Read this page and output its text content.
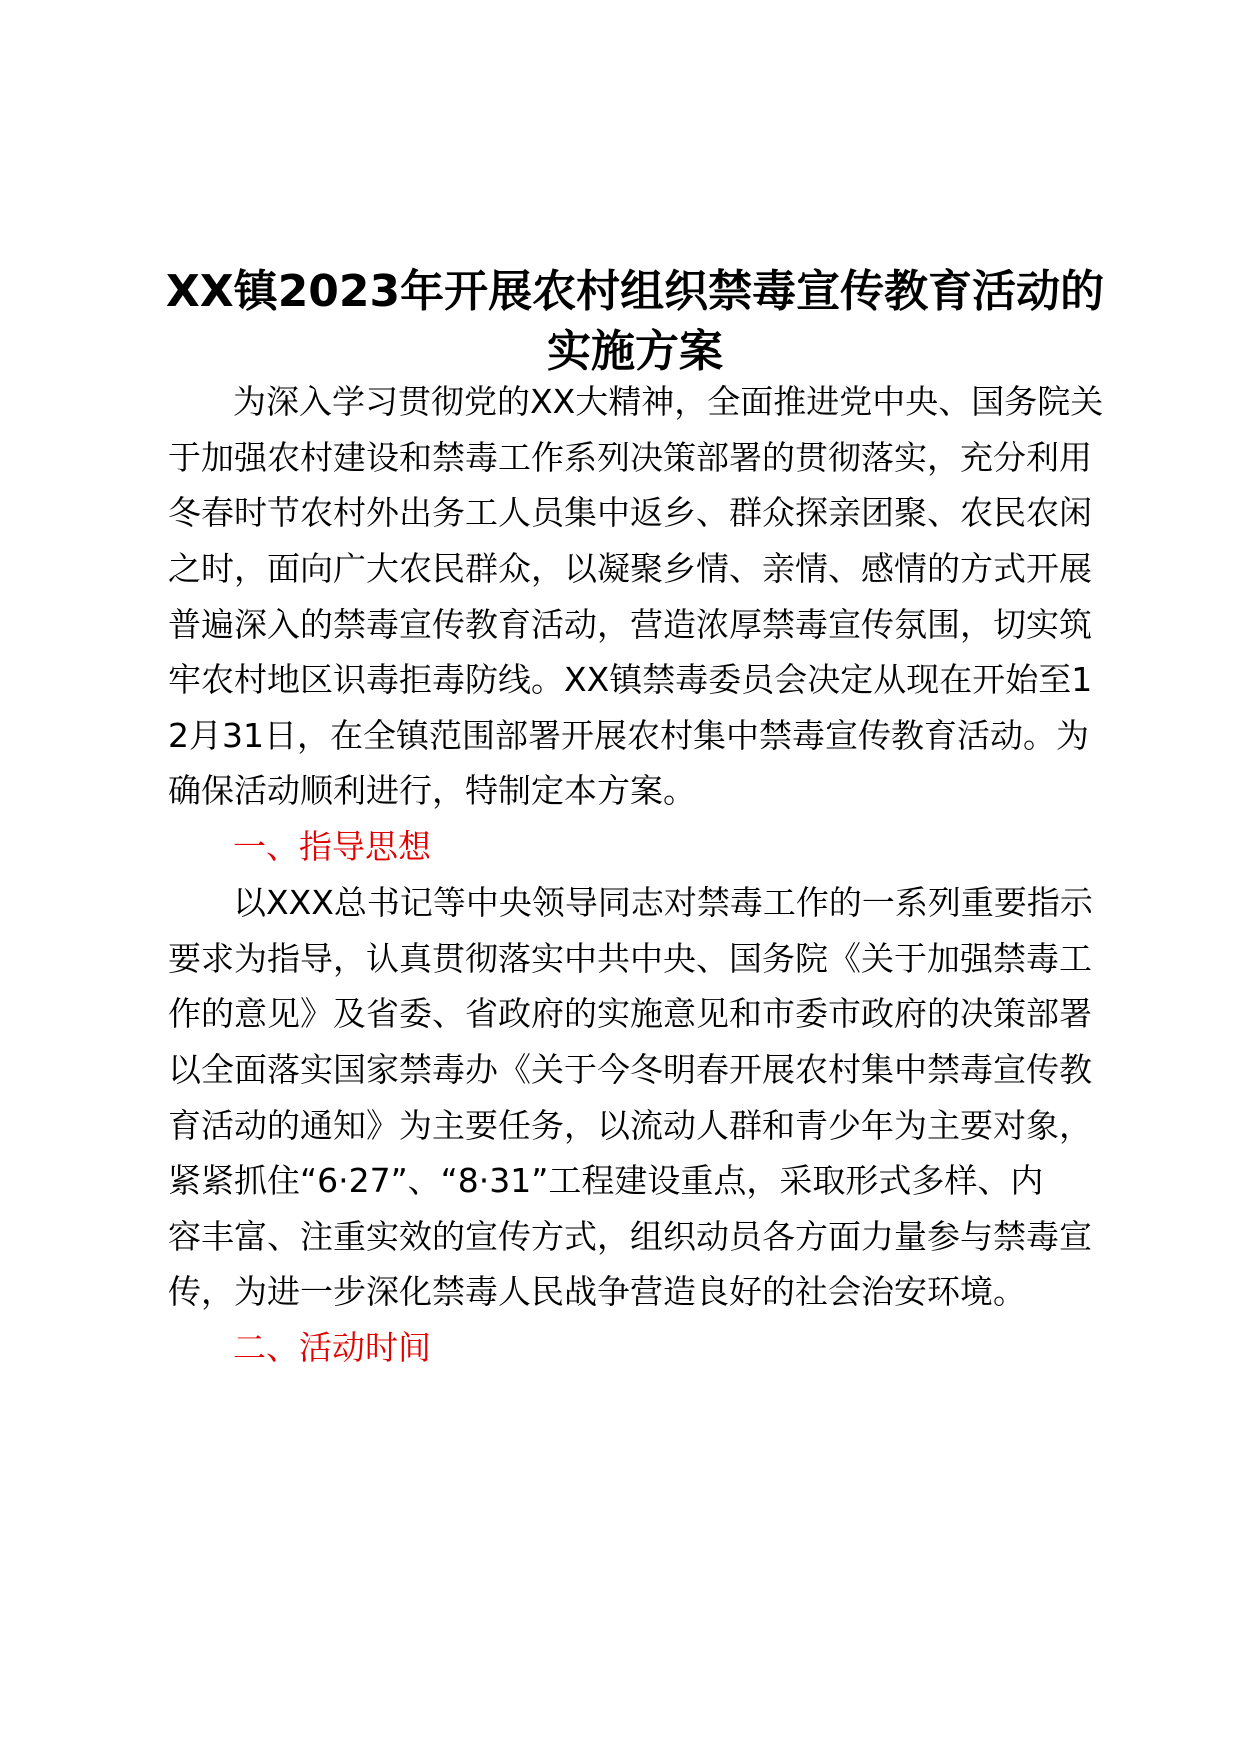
XX镇2023年开展农村组织禁毒宣传教育活动的
实施方案
为深入学习贯彻党的XX大精神，全面推进党中央、国务院关
于加强农村建设和禁毒工作系列决策部署的贯彻落实，充分利用
冬春时节农村外出务工人员集中返乡、群众探亲团聚、农民农闲
之时，面向广大农民群众，以凝聚乡情、亲情、感情的方式开展
普遍深入的禁毒宣传教育活动，营造浓厚禁毒宣传氛围，切实筑
牢农村地区识毒拒毒防线。XX镇禁毒委员会决定从现在开始至1
2月31日，在全镇范围部署开展农村集中禁毒宣传教育活动。为
确保活动顺利进行，特制定本方案。
一、指导思想
以XXX总书记等中央领导同志对禁毒工作的一系列重要指示
要求为指导，认真贯彻落实中共中央、国务院《关于加强禁毒工
作的意见》及省委、省政府的实施意见和市委市政府的决策部署
以全面落实国家禁毒办《关于今冬明春开展农村集中禁毒宣传教
育活动的通知》为主要任务，以流动人群和青少年为主要对象，
紧紧抓住“6·27”、“8·31”工程建设重点，采取形式多样、内
容丰富、注重实效的宣传方式，组织动员各方面力量参与禁毒宣
传，为进一步深化禁毒人民战争营造良好的社会治安环境。
二、活动时间
